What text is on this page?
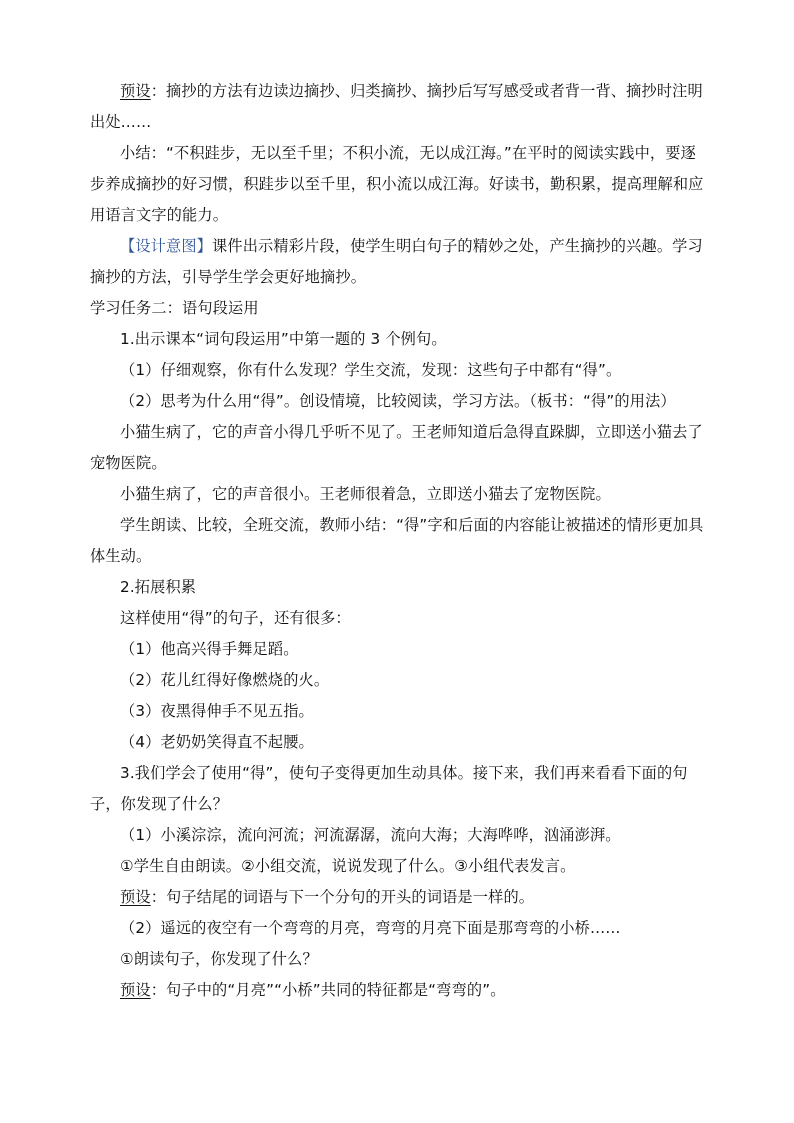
预设：摘抄的方法有边读边摘抄、归类摘抄、摘抄后写写感受或者背一背、摘抄时注明出处……

小结：“不积跬步，无以至千里；不积小流，无以成江海。”在平时的阅读实践中，要逐步养成摘抄的好习惯，积跬步以至千里，积小流以成江海。好读书，勤积累，提高理解和应用语言文字的能力。

【设计意图】课件出示精彩片段，使学生明白句子的精妙之处，产生摘抄的兴趣。学习摘抄的方法，引导学生学会更好地摘抄。

学习任务二：语句段运用

1.出示课本“词句段运用”中第一题的 3 个例句。

（1）仔细观察，你有什么发现？学生交流，发现：这些句子中都有“得”。

（2）思考为什么用“得”。创设情境，比较阅读，学习方法。（板书：“得”的用法）

小猫生病了，它的声音小得几乎听不见了。王老师知道后急得直跺脚，立即送小猫去了宠物医院。

小猫生病了，它的声音很小。王老师很着急，立即送小猫去了宠物医院。

学生朗读、比较，全班交流，教师小结：“得”字和后面的内容能让被描述的情形更加具体生动。

2.拓展积累

这样使用“得”的句子，还有很多：

（1）他高兴得手舞足蹈。

（2）花儿红得好像燃烧的火。

（3）夜黑得伸手不见五指。

（4）老奶奶笑得直不起腰。

3.我们学会了使用“得”，使句子变得更加生动具体。接下来，我们再来看看下面的句子，你发现了什么？

（1）小溪淙淙，流向河流；河流潺潺，流向大海；大海哗哗，汹涌澎湃。

①学生自由朗读。②小组交流，说说发现了什么。③小组代表发言。

预设：句子结尾的词语与下一个分句的开头的词语是一样的。

（2）遥远的夜空有一个弯弯的月亮，弯弯的月亮下面是那弯弯的小桥……

①朗读句子，你发现了什么？

预设：句子中的“月亮”“小桥”共同的特征都是“弯弯的”。
